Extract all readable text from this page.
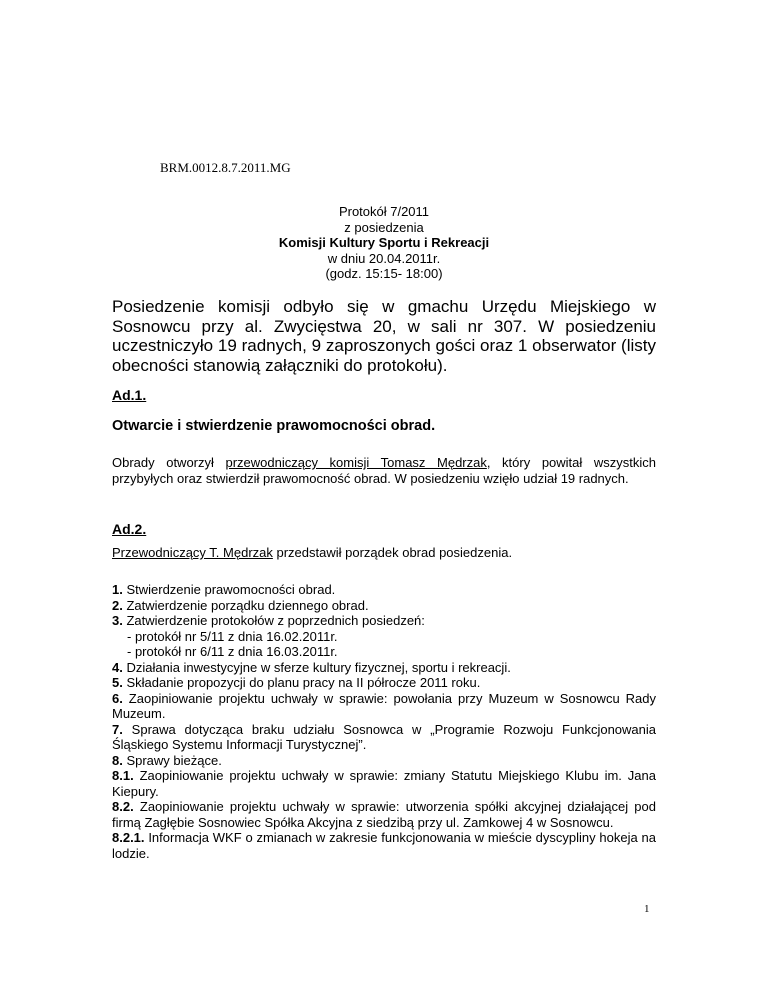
BRM.0012.8.7.2011.MG
Protokół 7/2011
z posiedzenia
Komisji Kultury Sportu i Rekreacji
w dniu 20.04.2011r.
(godz. 15:15- 18:00)
Posiedzenie komisji odbyło się w gmachu Urzędu Miejskiego w Sosnowcu przy al. Zwycięstwa 20, w sali nr 307. W posiedzeniu uczestniczyło 19 radnych, 9 zaproszonych gości oraz 1 obserwator (listy obecności stanowią załączniki do protokołu).
Ad.1.
Otwarcie i stwierdzenie prawomocności obrad.
Obrady otworzył przewodniczący komisji Tomasz Mędrzak, który powitał wszystkich przybyłych oraz stwierdził prawomocność obrad. W posiedzeniu wzięło udział 19 radnych.
Ad.2.
Przewodniczący T. Mędrzak przedstawił porządek obrad posiedzenia.
1. Stwierdzenie prawomocności obrad.
2. Zatwierdzenie porządku dziennego obrad.
3. Zatwierdzenie protokołów z poprzednich posiedzeń:
- protokół nr 5/11 z dnia 16.02.2011r.
- protokół nr 6/11 z dnia 16.03.2011r.
4. Działania inwestycyjne w sferze kultury fizycznej, sportu i rekreacji.
5. Składanie propozycji do planu pracy na II półrocze 2011 roku.
6. Zaopiniowanie projektu uchwały w sprawie: powołania przy Muzeum w Sosnowcu Rady Muzeum.
7. Sprawa dotycząca braku udziału Sosnowca w „Programie Rozwoju Funkcjonowania Śląskiego Systemu Informacji Turystycznej”.
8. Sprawy bieżące.
8.1. Zaopiniowanie projektu uchwały w sprawie: zmiany Statutu Miejskiego Klubu im. Jana Kiepury.
8.2. Zaopiniowanie projektu uchwały w sprawie: utworzenia spółki akcyjnej działającej pod firmą Zagłębie Sosnowiec Spółka Akcyjna z siedzibą przy ul. Zamkowej 4 w Sosnowcu.
8.2.1. Informacja WKF o zmianach w zakresie funkcjonowania w mieście dyscypliny hokeja na lodzie.
1
